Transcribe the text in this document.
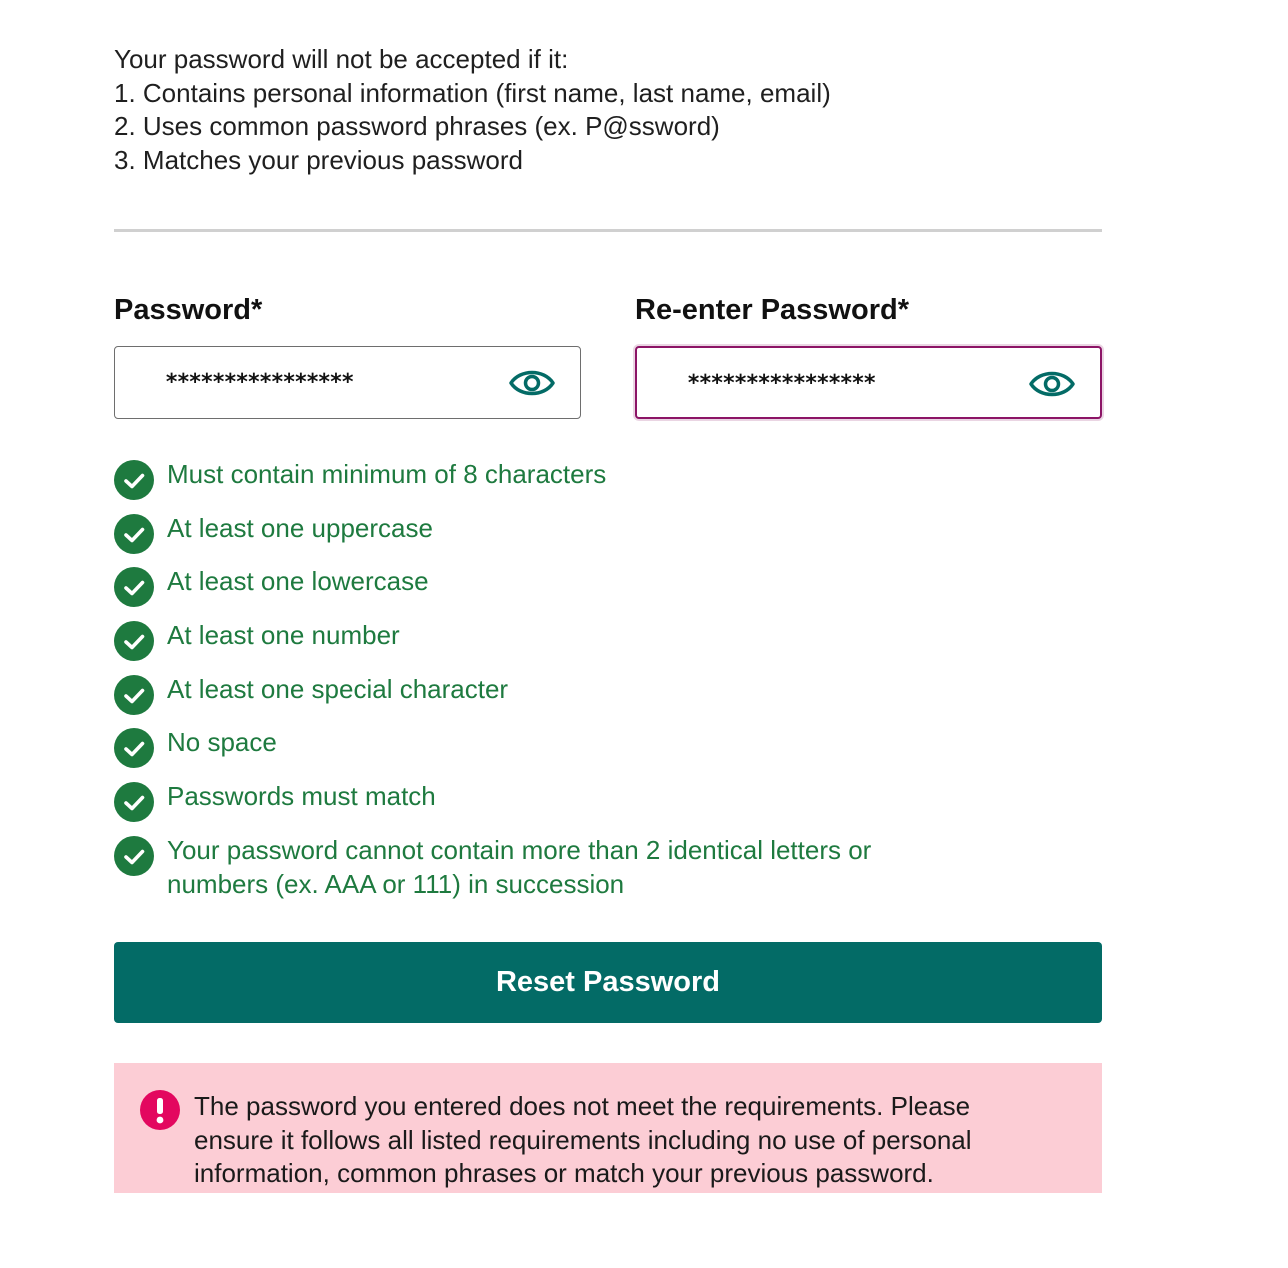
Your password will not be accepted if it:

1. Contains personal information (first name, last name, email)

2. Uses common password phrases (ex. P@ssword)

3. Matches your previous password

Password*
****************	Re-enter Password*
****************
Must contain minimum of 8 characters
At least one uppercase
At least one lowercase
At least one number
At least one special character
No space
Passwords must match
Your password cannot contain more than 2 identical letters or numbers (ex. AAA or 111) in succession
Reset Password

The password you entered does not meet the requirements. Please ensure it follows all listed requirements including no use of personal information, common phrases or match your previous password.
